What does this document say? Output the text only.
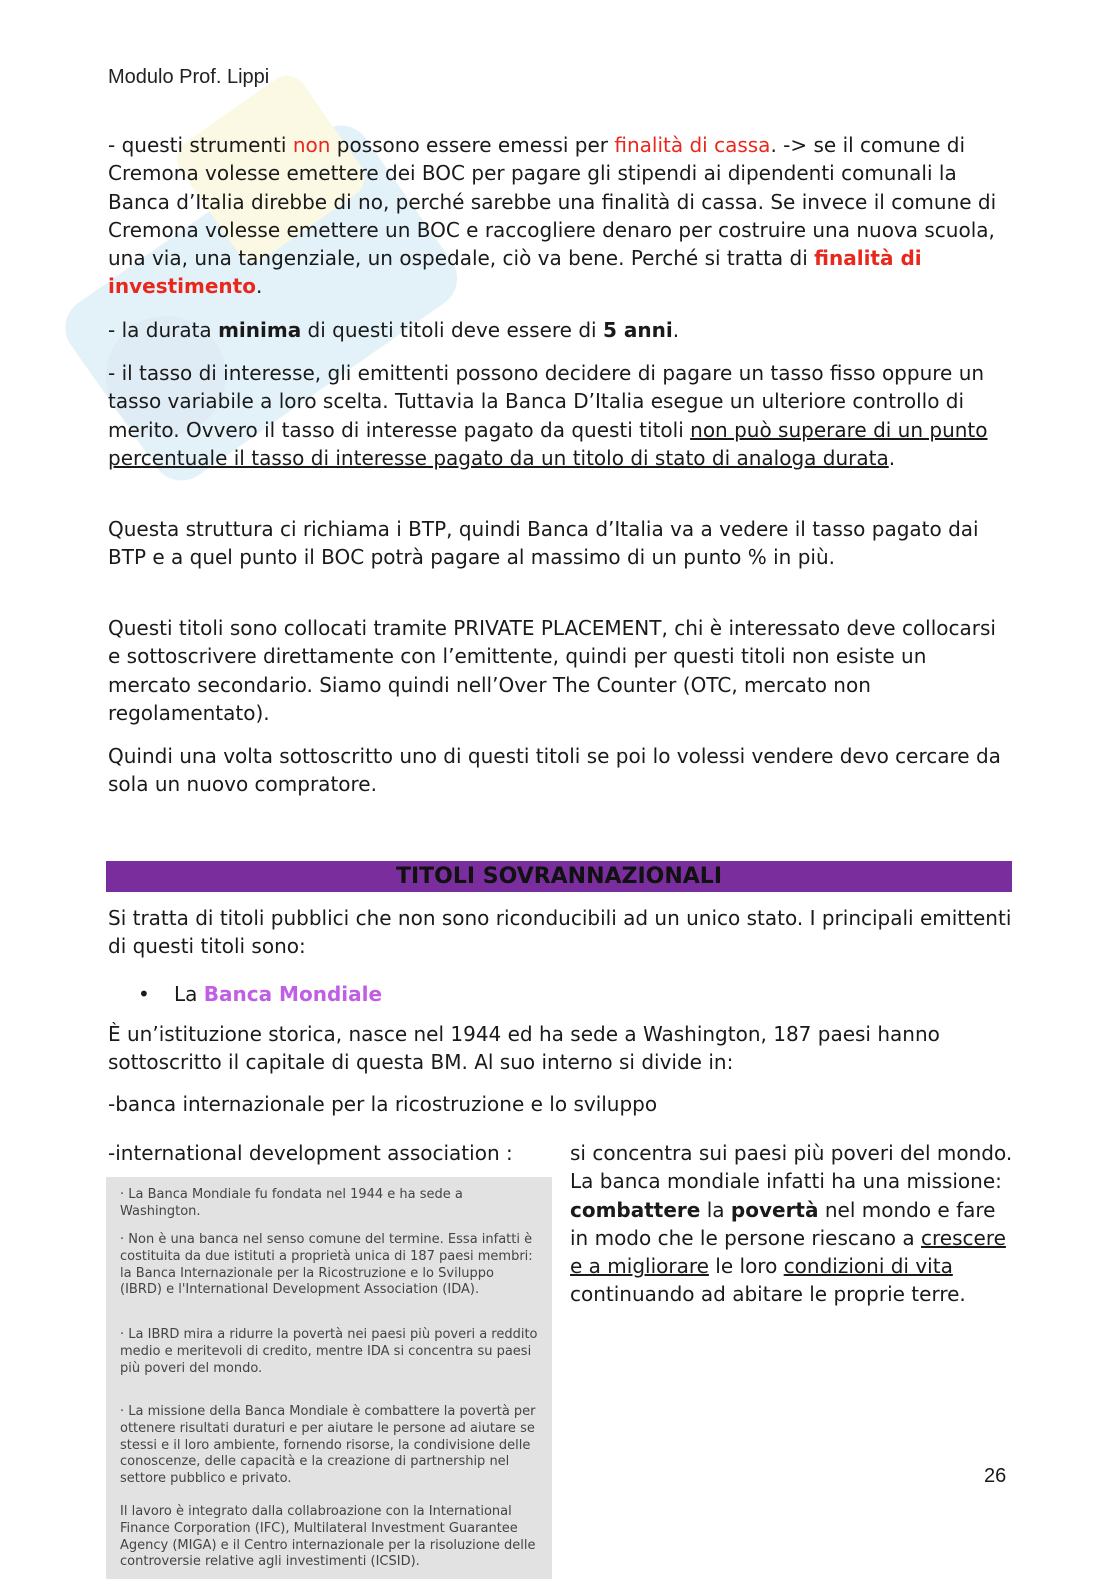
Modulo Prof. Lippi

- questi strumenti non possono essere emessi per finalità di cassa. -> se il comune di Cremona volesse emettere dei BOC per pagare gli stipendi ai dipendenti comunali la Banca d’Italia direbbe di no, perché sarebbe una finalità di cassa. Se invece il comune di Cremona volesse emettere un BOC e raccogliere denaro per costruire una nuova scuola, una via, una tangenziale, un ospedale, ciò va bene. Perché si tratta di finalità di investimento.

- la durata minima di questi titoli deve essere di 5 anni.

- il tasso di interesse, gli emittenti possono decidere di pagare un tasso fisso oppure un tasso variabile a loro scelta. Tuttavia la Banca D’Italia esegue un ulteriore controllo di merito. Ovvero il tasso di interesse pagato da questi titoli non può superare di un punto percentuale il tasso di interesse pagato da un titolo di stato di analoga durata.

Questa struttura ci richiama i BTP, quindi Banca d’Italia va a vedere il tasso pagato dai BTP e a quel punto il BOC potrà pagare al massimo di un punto % in più.

Questi titoli sono collocati tramite PRIVATE PLACEMENT, chi è interessato deve collocarsi e sottoscrivere direttamente con l’emittente, quindi per questi titoli non esiste un mercato secondario. Siamo quindi nell’Over The Counter (OTC, mercato non regolamentato).

Quindi una volta sottoscritto uno di questi titoli se poi lo volessi vendere devo cercare da sola un nuovo compratore.

TITOLI SOVRANNAZIONALI

Si tratta di titoli pubblici che non sono riconducibili ad un unico stato. I principali emittenti di questi titoli sono:

• La Banca Mondiale

È un’istituzione storica, nasce nel 1944 ed ha sede a Washington, 187 paesi hanno sottoscritto il capitale di questa BM. Al suo interno si divide in:

-banca internazionale per la ricostruzione e lo sviluppo

-international development association :	si concentra sui paesi più poveri del mondo. La banca mondiale infatti ha una missione: combattere la povertà nel mondo e fare in modo che le persone riescano a crescere e a migliorare le loro condizioni di vita continuando ad abitare le proprie terre.

· La Banca Mondiale fu fondata nel 1944 e ha sede a Washington.

· Non è una banca nel senso comune del termine. Essa infatti è costituita da due istituti a proprietà unica di 187 paesi membri: la Banca Internazionale per la Ricostruzione e lo Sviluppo (IBRD) e l'International Development Association (IDA).

· La IBRD mira a ridurre la povertà nei paesi più poveri a reddito medio e meritevoli di credito, mentre IDA si concentra su paesi più poveri del mondo.

· La missione della Banca Mondiale è combattere la povertà per ottenere risultati duraturi e per aiutare le persone ad aiutare se stessi e il loro ambiente, fornendo risorse, la condivisione delle conoscenze, delle capacità e la creazione di partnership nel settore pubblico e privato.

Il lavoro è integrato dalla collabroazione con la International Finance Corporation (IFC), Multilateral Investment Guarantee Agency (MIGA) e il Centro internazionale per la risoluzione delle controversie relative agli investimenti (ICSID).

26
